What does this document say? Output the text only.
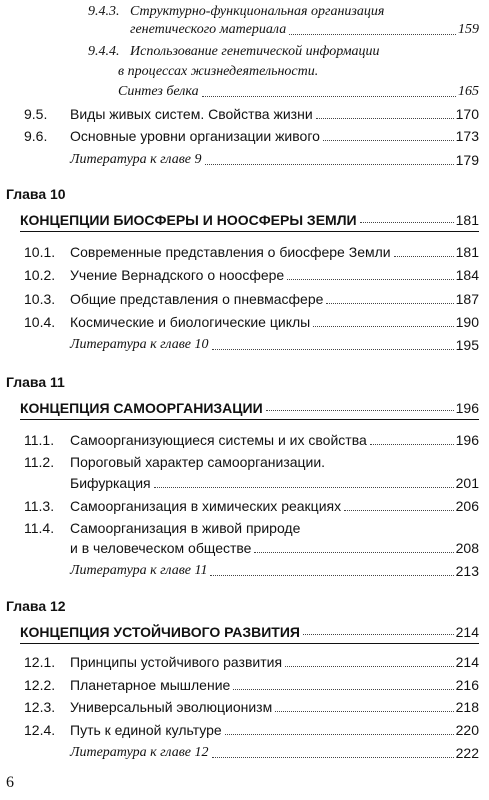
9.4.3. Структурно-функциональная организация
генетического материала	159
9.4.4. Использование генетической информации
в процессах жизнедеятельности.
Синтез белка	165
9.5.	Виды живых систем. Свойства жизни	170
9.6.	Основные уровни организации живого	173
Литература к главе 9	179
Глава 10
КОНЦЕПЦИИ БИОСФЕРЫ И НООСФЕРЫ ЗЕМЛИ	181
10.1.	Современные представления о биосфере Земли	181
10.2.	Учение Вернадского о ноосфере	184
10.3.	Общие представления о пневмасфере	187
10.4.	Космические и биологические циклы	190
Литература к главе 10	195
Глава 11
КОНЦЕПЦИЯ САМООРГАНИЗАЦИИ	196
11.1.	Самоорганизующиеся системы и их свойства	196
11.2.	Пороговый характер самоорганизации.
Бифуркация	201
11.3.	Самоорганизация в химических реакциях	206
11.4.	Самоорганизация в живой природе
и в человеческом обществе	208
Литература к главе 11	213
Глава 12
КОНЦЕПЦИЯ УСТОЙЧИВОГО РАЗВИТИЯ	214
12.1.	Принципы устойчивого развития	214
12.2.	Планетарное мышление	216
12.3.	Универсальный эволюционизм	218
12.4.	Путь к единой культуре	220
Литература к главе 12	222
6
